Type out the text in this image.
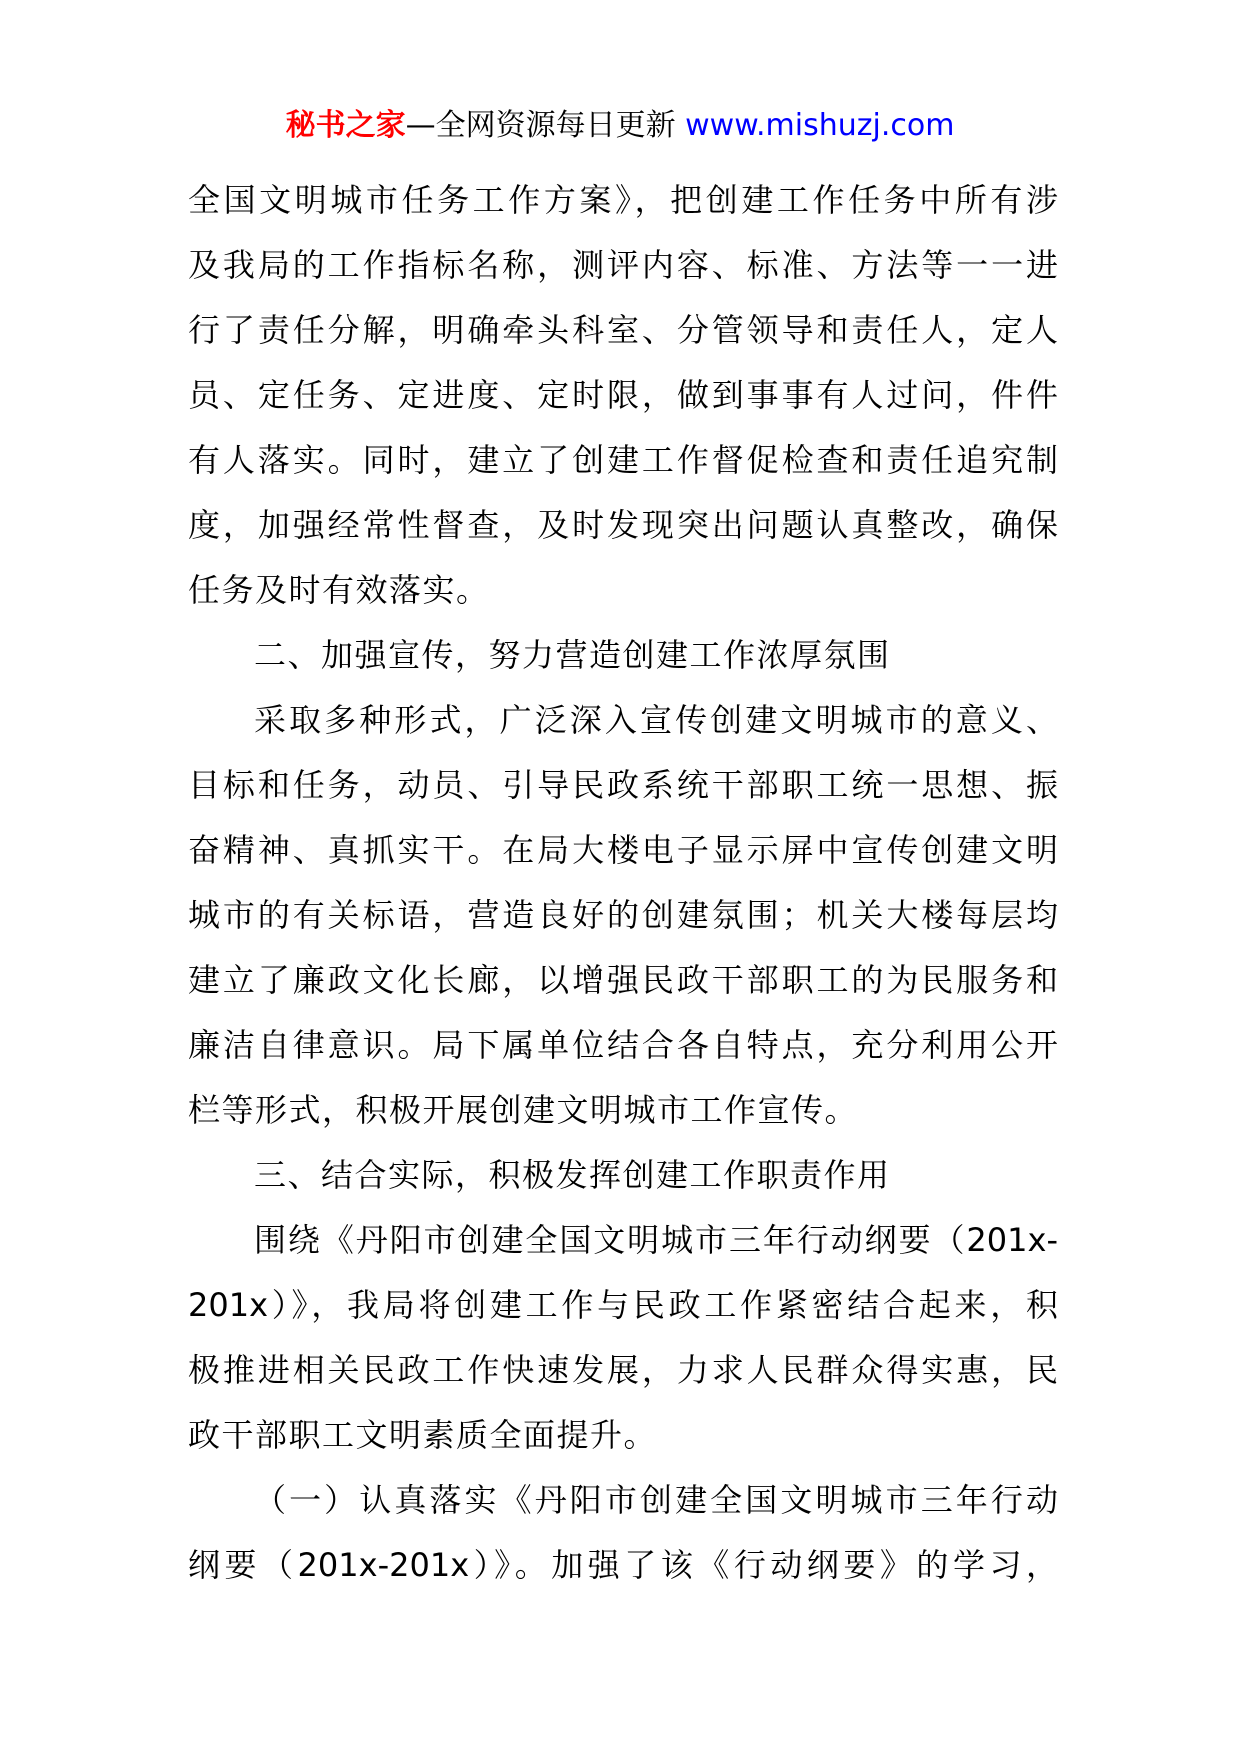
秘书之家—全网资源每日更新 www.mishuzj.com
全国文明城市任务工作方案》，把创建工作任务中所有涉
及我局的工作指标名称，测评内容、标准、方法等一一进
行了责任分解，明确牵头科室、分管领导和责任人，定人
员、定任务、定进度、定时限，做到事事有人过问，件件
有人落实。同时，建立了创建工作督促检查和责任追究制
度，加强经常性督查，及时发现突出问题认真整改，确保
任务及时有效落实。
二、加强宣传，努力营造创建工作浓厚氛围
采取多种形式，广泛深入宣传创建文明城市的意义、
目标和任务，动员、引导民政系统干部职工统一思想、振
奋精神、真抓实干。在局大楼电子显示屏中宣传创建文明
城市的有关标语，营造良好的创建氛围；机关大楼每层均
建立了廉政文化长廊，以增强民政干部职工的为民服务和
廉洁自律意识。局下属单位结合各自特点，充分利用公开
栏等形式，积极开展创建文明城市工作宣传。
三、结合实际，积极发挥创建工作职责作用
围绕《丹阳市创建全国文明城市三年行动纲要（201x-
201x）》，我局将创建工作与民政工作紧密结合起来，积
极推进相关民政工作快速发展，力求人民群众得实惠，民
政干部职工文明素质全面提升。
（一）认真落实《丹阳市创建全国文明城市三年行动
纲要（201x-201x）》。加强了该《行动纲要》的学习，
